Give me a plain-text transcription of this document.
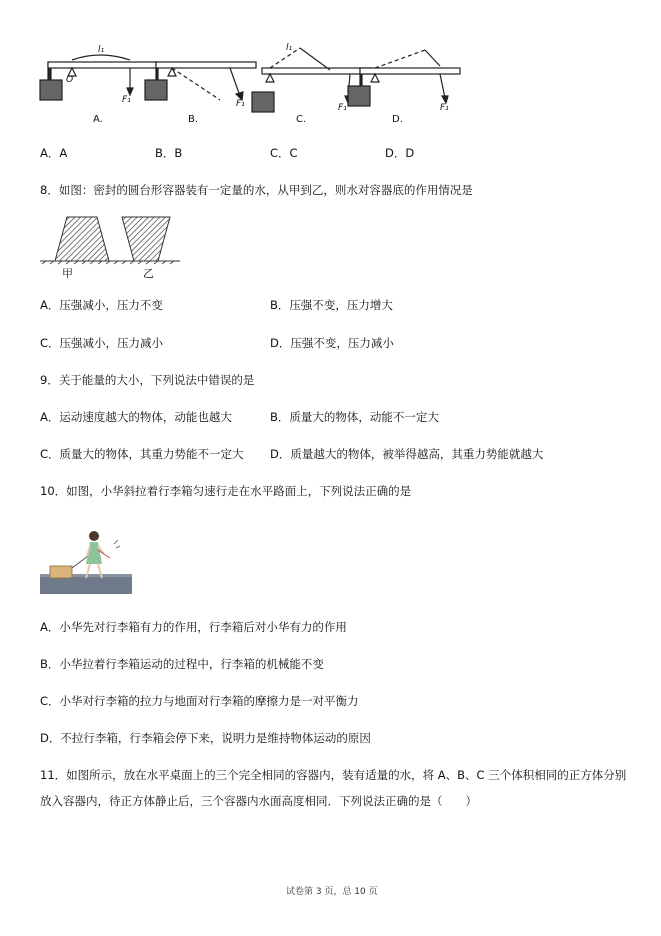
l₁
O
F₁	F₁
l₁
F₁	F₁
A.	B.	C.	D.
A．A	B．B	C．C	D．D
8．如图：密封的圆台形容器装有一定量的水，从甲到乙，则水对容器底的作用情况是
甲	乙
A．压强减小，压力不变	B．压强不变，压力增大
C．压强减小，压力减小	D．压强不变，压力减小
9．关于能量的大小，下列说法中错误的是
A．运动速度越大的物体，动能也越大	B．质量大的物体，动能不一定大
C．质量大的物体，其重力势能不一定大 D．质量越大的物体，被举得越高，其重力势能就越大
10．如图，小华斜拉着行李箱匀速行走在水平路面上，下列说法正确的是
A．小华先对行李箱有力的作用，行李箱后对小华有力的作用
B．小华拉着行李箱运动的过程中，行李箱的机械能不变
C．小华对行李箱的拉力与地面对行李箱的摩擦力是一对平衡力
D．不拉行李箱，行李箱会停下来，说明力是维持物体运动的原因
11．如图所示，放在水平桌面上的三个完全相同的容器内，装有适量的水，将 A、B、C 三个体积相同的正方体分别
放入容器内，待正方体静止后，三个容器内水面高度相同．下列说法正确的是（　　）
试卷第 3 页，总 10 页
